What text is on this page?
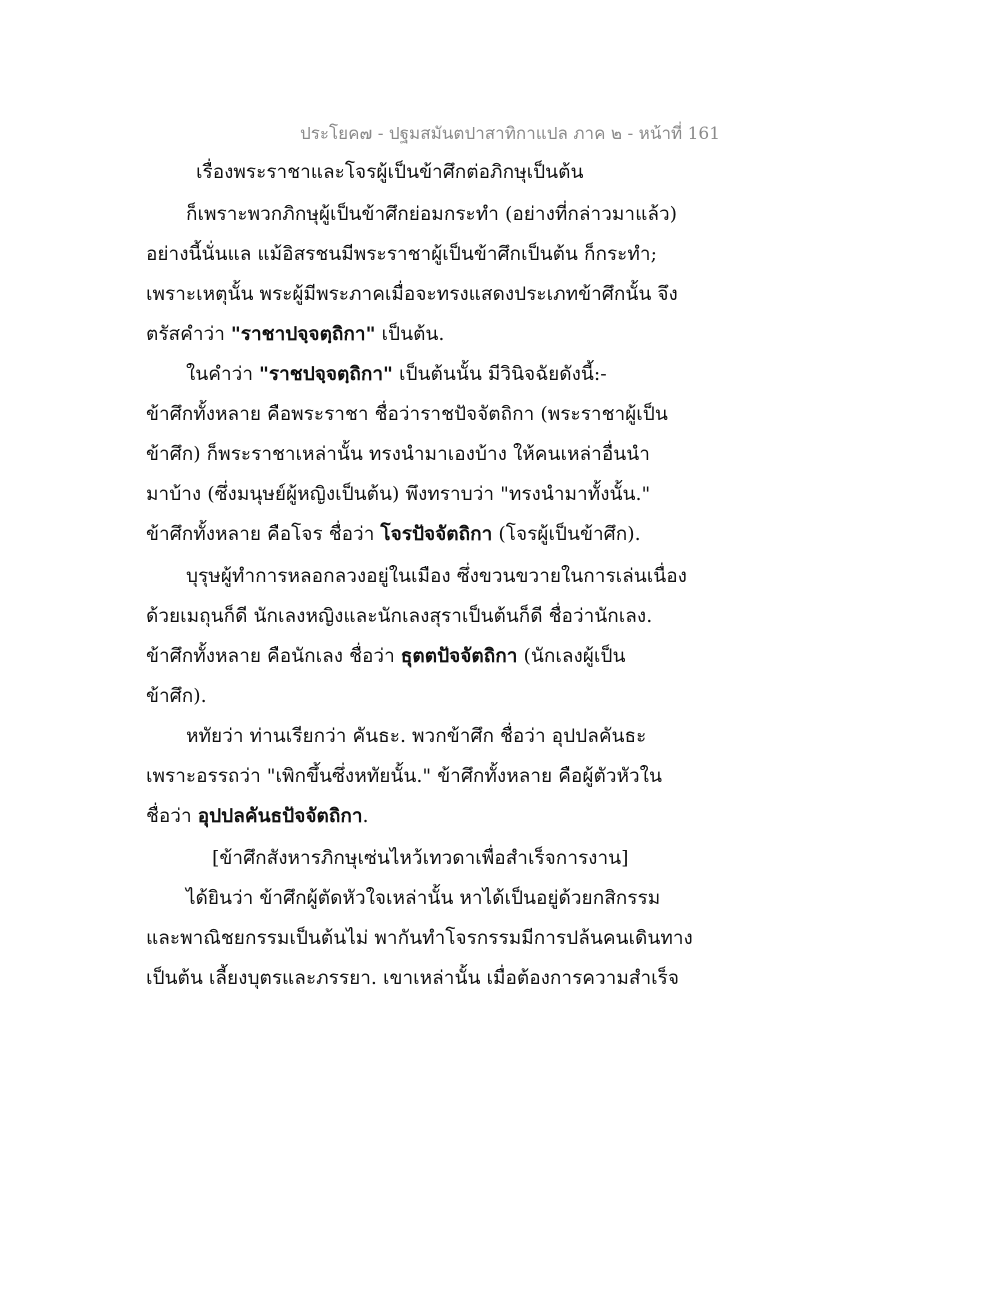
ประโยค๗ - ปฐมสมันตปาสาทิกาแปล ภาค ๒ - หน้าที่ 161
เรื่องพระราชาและโจรผู้เป็นข้าศึกต่อภิกษุเป็นต้น
ก็เพราะพวกภิกษุผู้เป็นข้าศึกย่อมกระทำ (อย่างที่กล่าวมาแล้ว)
อย่างนี้นั่นแล แม้อิสรชนมีพระราชาผู้เป็นข้าศึกเป็นต้น ก็กระทำ;
เพราะเหตุนั้น พระผู้มีพระภาคเมื่อจะทรงแสดงประเภทข้าศึกนั้น จึง
ตรัสคำว่า "ราชาปจฺจตฺถิกา" เป็นต้น.
ในคำว่า "ราชปจฺจตฺถิกา" เป็นต้นนั้น มีวินิจฉัยดังนี้:-
ข้าศึกทั้งหลาย คือพระราชา ชื่อว่าราชปัจจัตถิกา (พระราชาผู้เป็น
ข้าศึก) ก็พระราชาเหล่านั้น ทรงนำมาเองบ้าง ให้คนเหล่าอื่นนำ
มาบ้าง (ซึ่งมนุษย์ผู้หญิงเป็นต้น) พึงทราบว่า "ทรงนำมาทั้งนั้น."
ข้าศึกทั้งหลาย คือโจร ชื่อว่า โจรปัจจัตถิกา (โจรผู้เป็นข้าศึก).
บุรุษผู้ทำการหลอกลวงอยู่ในเมือง ซึ่งขวนขวายในการเล่นเนื่อง
ด้วยเมถุนก็ดี นักเลงหญิงและนักเลงสุราเป็นต้นก็ดี ชื่อว่านักเลง.
ข้าศึกทั้งหลาย คือนักเลง ชื่อว่า ธุตตปัจจัตถิกา (นักเลงผู้เป็น
ข้าศึก).
หทัยว่า ท่านเรียกว่า คันธะ. พวกข้าศึก ชื่อว่า อุปปลคันธะ
เพราะอรรถว่า "เพิกขึ้นซึ่งหทัยนั้น." ข้าศึกทั้งหลาย คือผู้ตัวหัวใน
ชื่อว่า อุปปลคันธปัจจัตถิกา.
[ข้าศึกสังหารภิกษุเซ่นไหว้เทวดาเพื่อสำเร็จการงาน]
ได้ยินว่า ข้าศึกผู้ตัดหัวใจเหล่านั้น หาได้เป็นอยู่ด้วยกสิกรรม
และพาณิชยกรรมเป็นต้นไม่ พากันทำโจรกรรมมีการปล้นคนเดินทาง
เป็นต้น เลี้ยงบุตรและภรรยา. เขาเหล่านั้น เมื่อต้องการความสำเร็จ
